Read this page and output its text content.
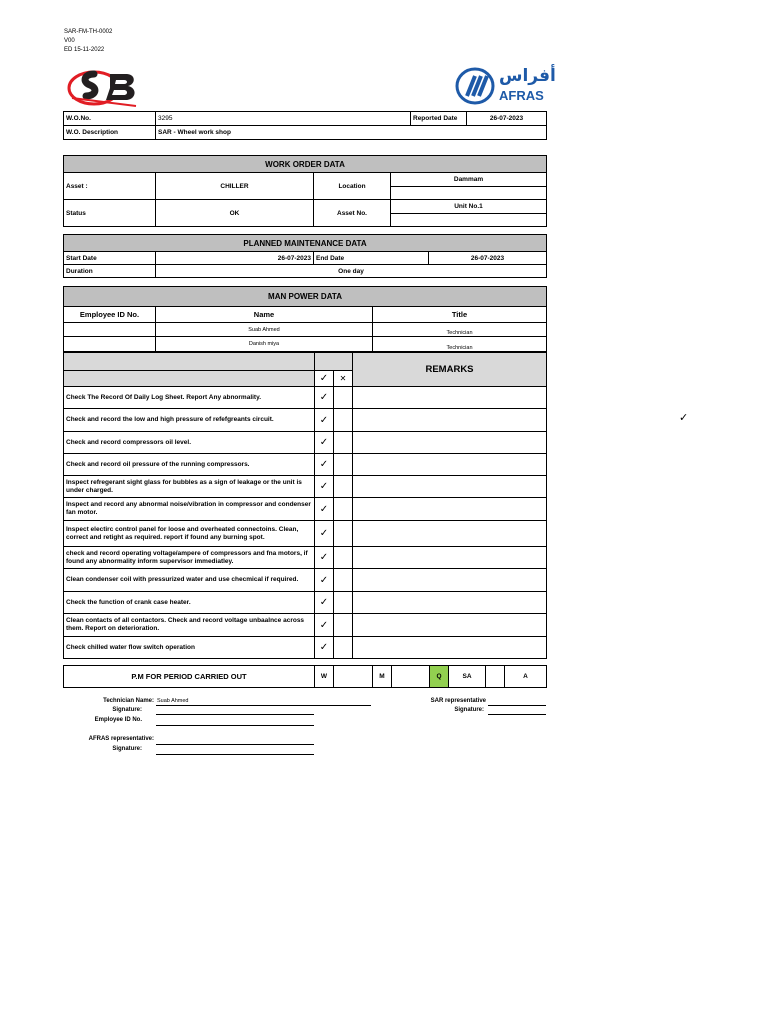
SAR-FM-TH-0002
V00
ED 15-11-2022
أفراس
AFRAS
W.O.No.	3295	Reported Date	26-07-2023
W.O. Description	SAR - Wheel work shop		
WORK ORDER DATA			
Asset :	CHILLER	Location	Dammam

Status	OK	Asset No.	Unit No.1

PLANNED MAINTENANCE DATA			
Start Date	26-07-2023	End Date	26-07-2023
Duration	One day		
MAN POWER DATA		
Employee ID No.	Name	Title
	Suab Ahmed	Technician
	Danish miya	Technician
			REMARKS
	✓	✕	
Check The Record Of Daily Log Sheet. Report Any abnormality.	✓		
Check and record the low and high pressure of refefgreants circuit.	✓		
Check and record compressors oil level.	✓		
Check and record oil pressure of the running compressors.	✓		
Inspect refregerant sight glass for bubbles as a sign of leakage or the unit is under charged.	✓		
Inspect and record any abnormal noise/vibration in compressor and condenser fan motor.	✓		
Inspect electirc control panel for loose and overheated connectoins. Clean, correct and retight as required. report if found any burning spot.	✓		
check and record operating voltage/ampere of compressors and fna motors, if found any abnormality inform supervisor immediatley.	✓		
Clean condenser coil with pressurized water and use checmical if required.	✓		
Check the function of crank case heater.	✓		
Clean contacts of all contactors. Check and record voltage unbaalnce across them. Report on deterioration.	✓		
Check chilled water flow switch operation	✓		
P.M FOR PERIOD CARRIED OUT	W		M		Q	SA		A
Technician Name: Suab Ahmed
Signature:
Employee ID No.
AFRAS representative:
Signature:
SAR representative
Signature:
✓
